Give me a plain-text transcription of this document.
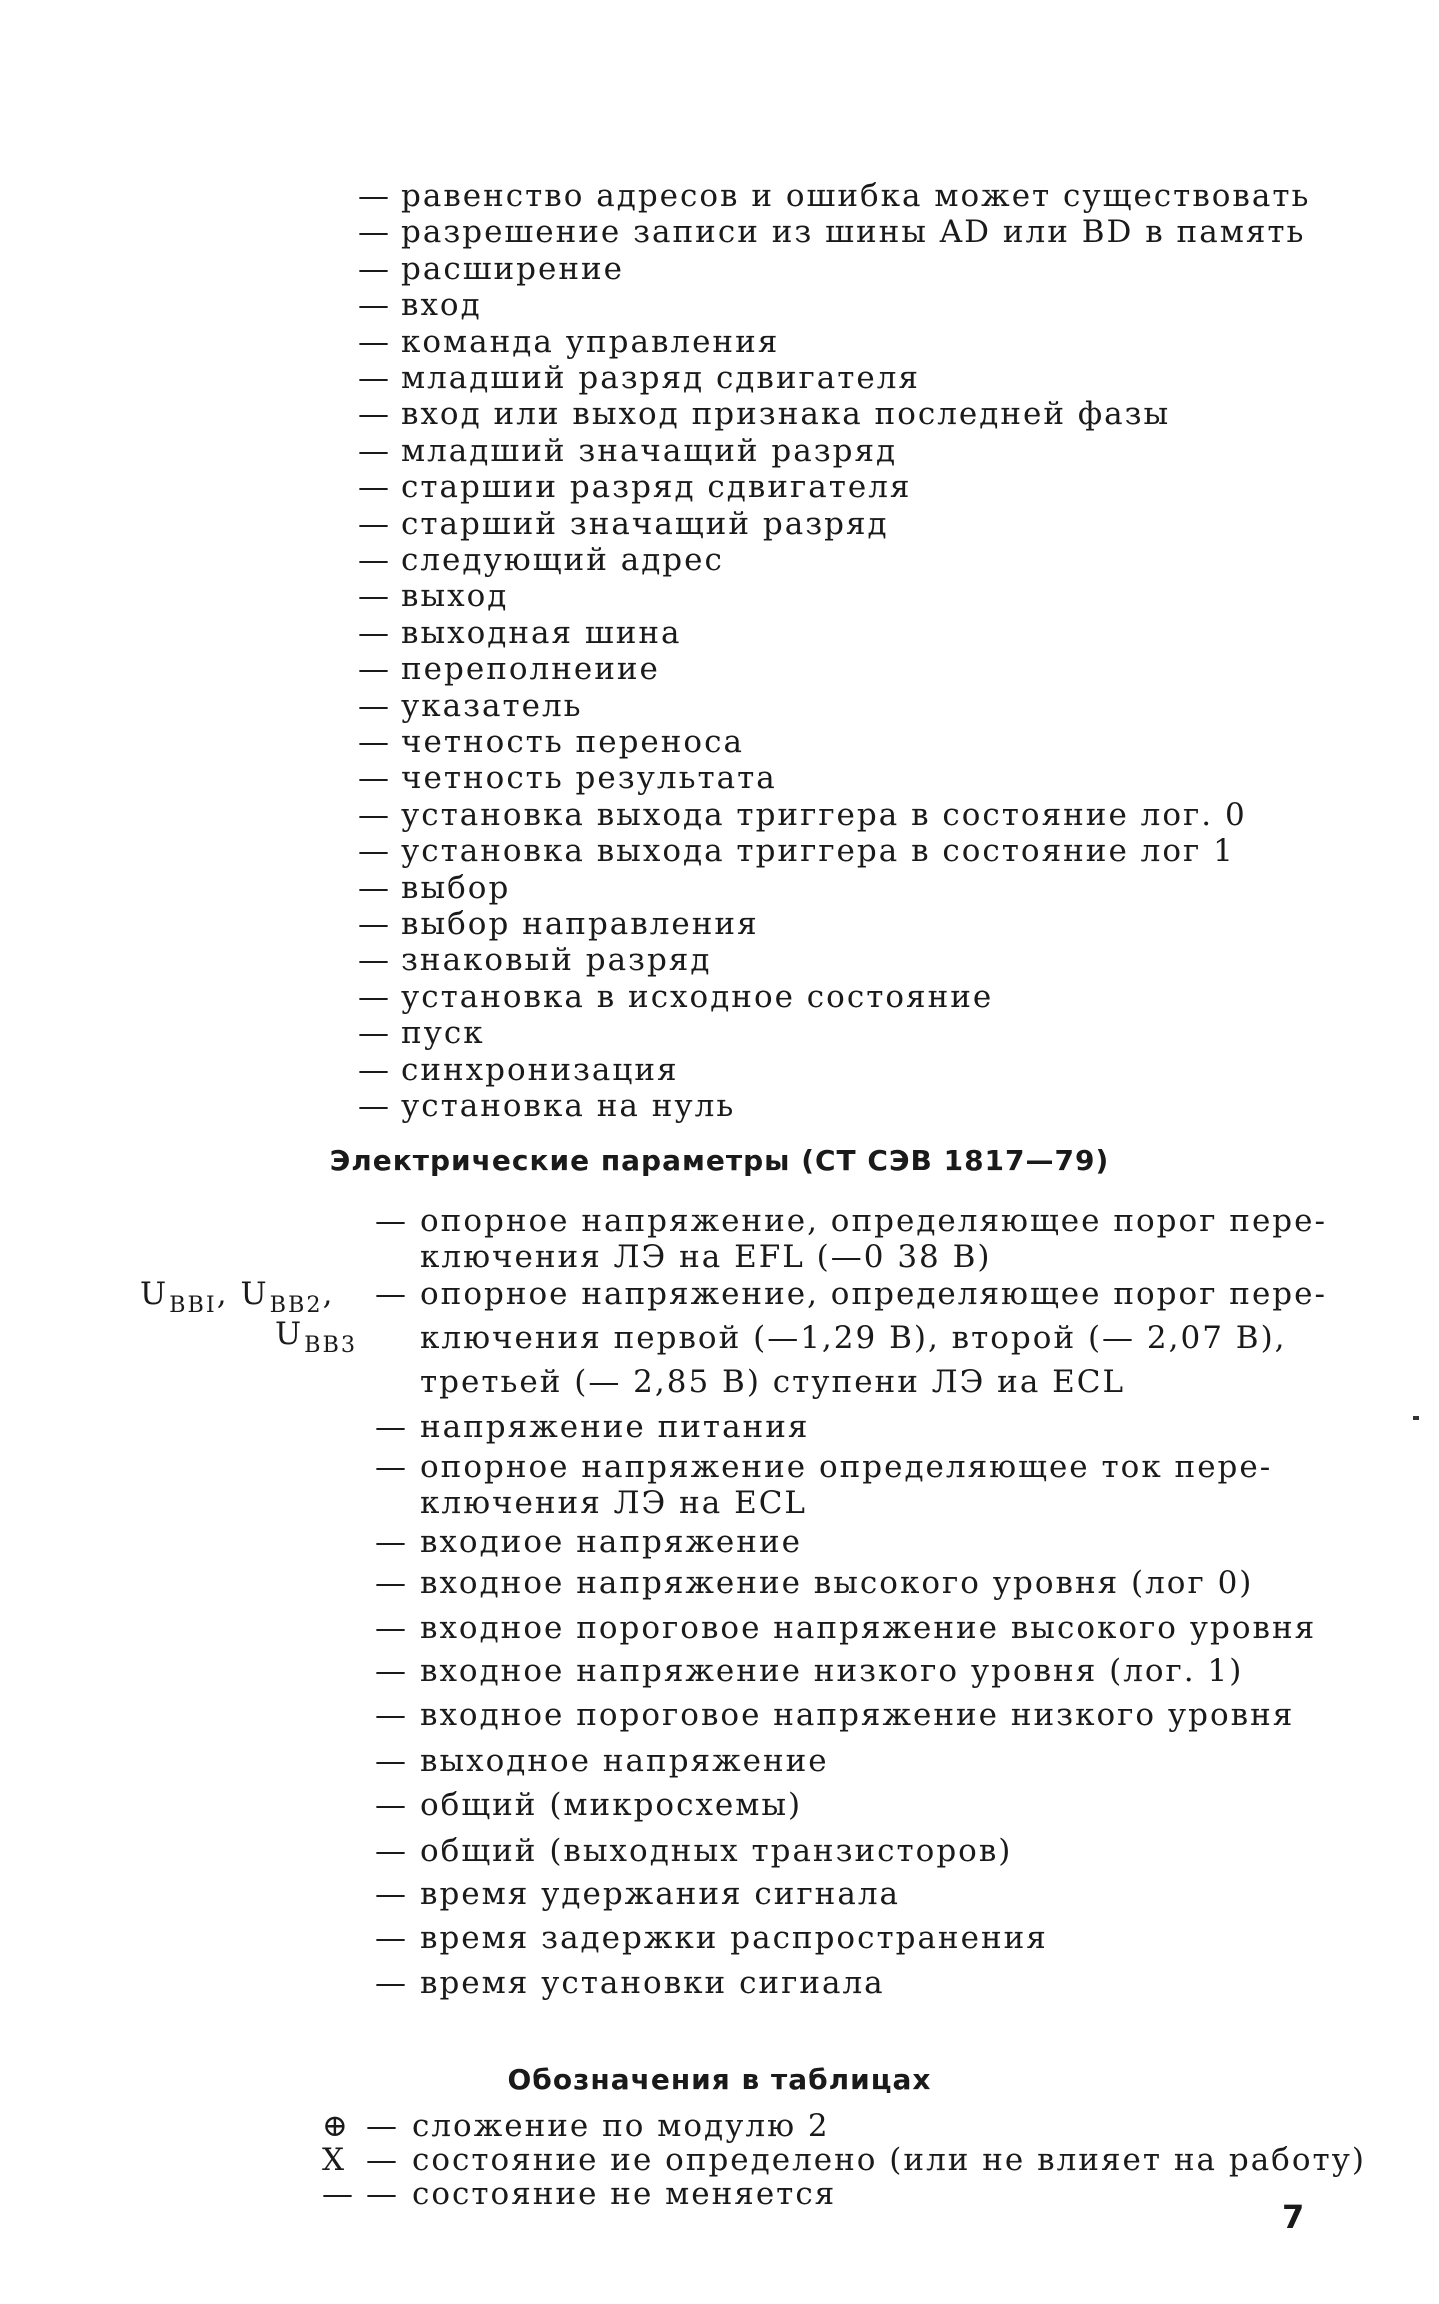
— равенство адресов и ошибка может существовать
— разрешение записи из шины AD или BD в память
— расширение
— вход
— команда управления
— младший разряд сдвигателя
— вход или выход признака последней фазы
— младший значащий разряд
— старшии разряд сдвигателя
— старший значащий разряд
— следующий адрес
— выход
— выходная шина
— переполнеиие
— указатель
— четность переноса
— четность результата
— установка выхода триггера в состояние лог. 0
— установка выхода триггера в состояние лог 1
— выбор
— выбор направления
— знаковый разряд
— установка в исходное состояние
— пуск
— синхронизация
— установка на нуль
Электрические параметры (СТ СЭВ 1817—79)
— опорное напряжение, определяющее порог пере-
ключения ЛЭ на EFL (—0 38 В)
$U_{BBI}$, $U_{BB2}$,
$U_{BB3}$
— опорное напряжение, определяющее порог пере-
ключения первой (—1,29 В), второй (— 2,07 В),
третьей (— 2,85 В) ступени ЛЭ иа ECL
— напряжение питания
— опорное напряжение определяющее ток пере-
ключения ЛЭ на ECL
— входиое напряжение
— входное напряжение высокого уровня (лог 0)
— входное пороговое напряжение высокого уровня
— входное напряжение низкого уровня (лог. 1)
— входное пороговое напряжение низкого уровня
— выходное напряжение
— общий (микросхемы)
— общий (выходных транзисторов)
— время удержания сигнала
— время задержки распространения
— время установки сигиала
Обозначения в таблицах
⊕ — сложение по модулю 2
X — состояние ие определено (или не влияет на работу)
— — состояние не меняется
7
